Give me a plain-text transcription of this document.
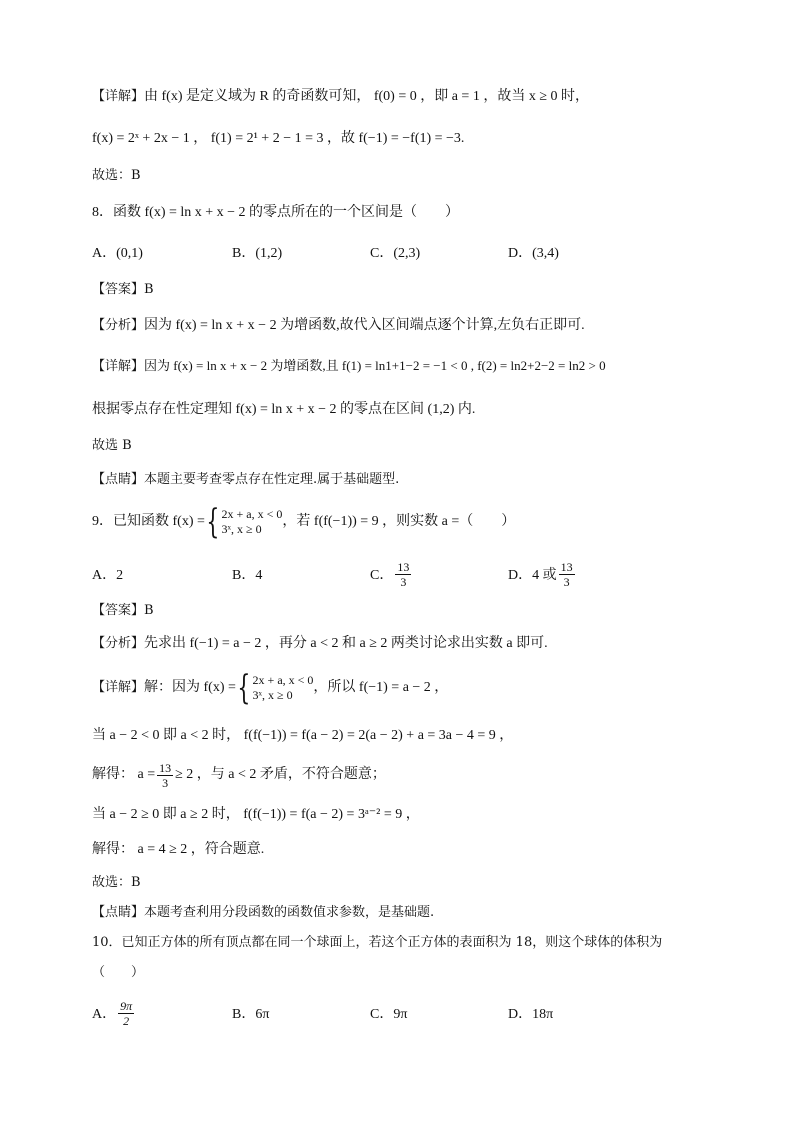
【详解】由 f(x) 是定义域为 R 的奇函数可知， f(0) = 0 ，即 a = 1 ，故当 x ≥ 0 时，
f(x) = 2ˣ + 2x − 1 ， f(1) = 2¹ + 2 − 1 = 3 ，故 f(−1) = −f(1) = −3.
故选：B
8．函数 f(x) = ln x + x − 2 的零点所在的一个区间是（　　）
A．(0,1)	B．(1,2)	C．(2,3)	D．(3,4)
【答案】B
【分析】因为 f(x) = ln x + x − 2 为增函数,故代入区间端点逐个计算,左负右正即可.
【详解】因为 f(x) = ln x + x − 2 为增函数,且 f(1) = ln1+1−2 = −1 < 0 , f(2) = ln2+2−2 = ln2 > 0
根据零点存在性定理知 f(x) = ln x + x − 2 的零点在区间 (1,2) 内.
故选 B
【点睛】本题主要考查零点存在性定理.属于基础题型.
9．已知函数 f(x) = { 2x + a, x < 0
3ˣ, x ≥ 0	，若 f(f(−1)) = 9 ，则实数 a =（　　）
A．2	B．4	C． $\frac{13}{3}$	D．4 或 $\frac{13}{3}$
【答案】B
【分析】先求出 f(−1) = a − 2 ，再分 a < 2 和 a ≥ 2 两类讨论求出实数 a 即可.
【详解】 解：因为 f(x) = { 2x + a, x < 0
3ˣ, x ≥ 0	，所以 f(−1) = a − 2 ，
当 a − 2 < 0 即 a < 2 时， f(f(−1)) = f(a − 2) = 2(a − 2) + a = 3a − 4 = 9 ，
解得： $a = \frac{13}{3} \ge 2$ ，与 a < 2 矛盾，不符合题意；
当 a − 2 ≥ 0 即 a ≥ 2 时， f(f(−1)) = f(a − 2) = 3ᵃ⁻² = 9 ，
解得： a = 4 ≥ 2 ，符合题意.
故选：B
【点睛】本题考查利用分段函数的函数值求参数，是基础题.
10．已知正方体的所有顶点都在同一个球面上，若这个正方体的表面积为 18，则这个球体的体积为
（　　）
A． $\frac{9\pi}{2}$	B．6π	C．9π	D．18π
